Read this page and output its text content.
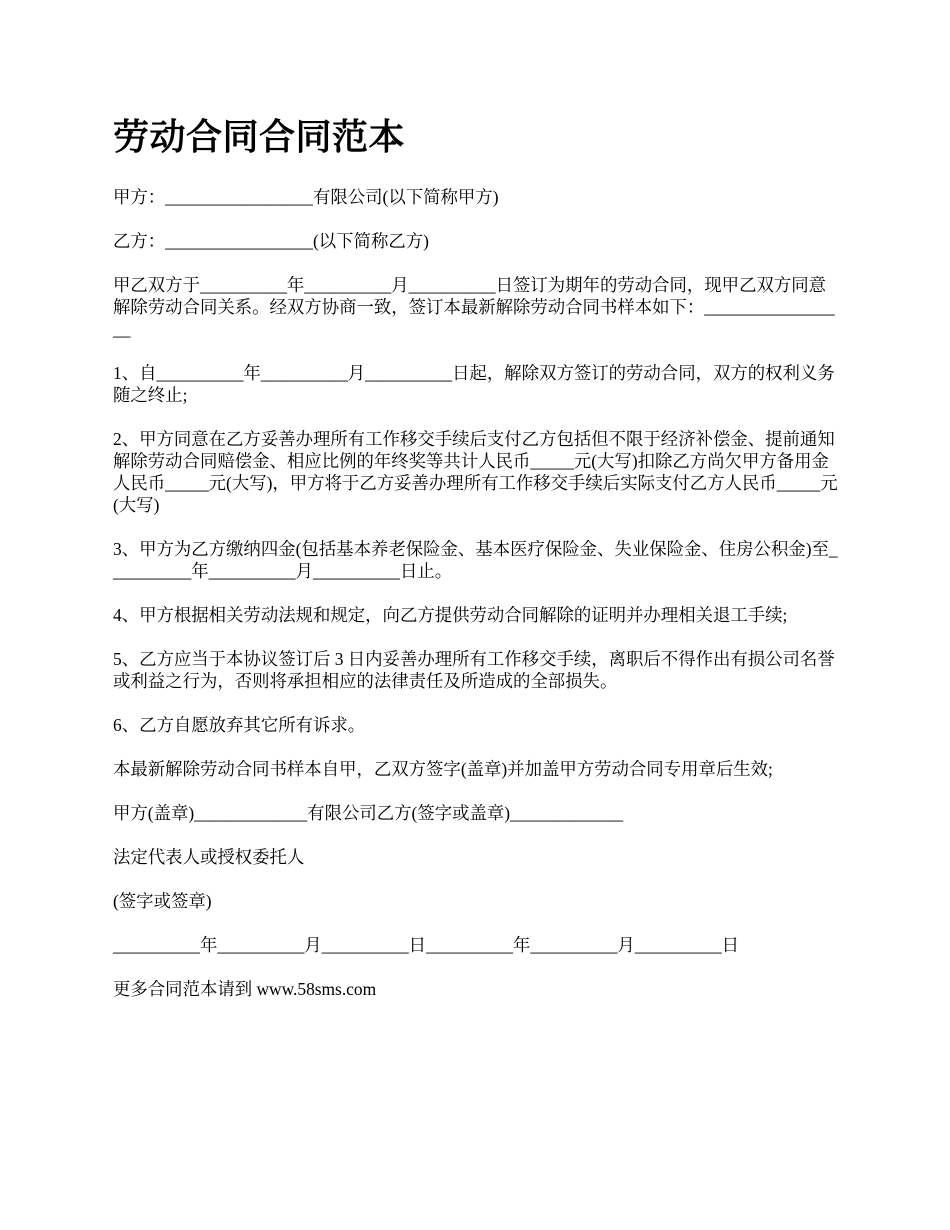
劳动合同合同范本

甲方：_________________有限公司(以下简称甲方)

乙方：_________________(以下简称乙方)

甲乙双方于__________年__________月__________日签订为期年的劳动合同，现甲乙双方同意解除劳动合同关系。经双方协商一致，签订本最新解除劳动合同书样本如下：_________________

1、自__________年__________月__________日起，解除双方签订的劳动合同，双方的权利义务随之终止;

2、甲方同意在乙方妥善办理所有工作移交手续后支付乙方包括但不限于经济补偿金、提前通知解除劳动合同赔偿金、相应比例的年终奖等共计人民币_____元(大写)扣除乙方尚欠甲方备用金人民币_____元(大写)，甲方将于乙方妥善办理所有工作移交手续后实际支付乙方人民币_____元(大写)

3、甲方为乙方缴纳四金(包括基本养老保险金、基本医疗保险金、失业保险金、住房公积金)至__________年__________月__________日止。

4、甲方根据相关劳动法规和规定，向乙方提供劳动合同解除的证明并办理相关退工手续;

5、乙方应当于本协议签订后 3 日内妥善办理所有工作移交手续，离职后不得作出有损公司名誉或利益之行为，否则将承担相应的法律责任及所造成的全部损失。

6、乙方自愿放弃其它所有诉求。

本最新解除劳动合同书样本自甲，乙双方签字(盖章)并加盖甲方劳动合同专用章后生效;

甲方(盖章)_____________有限公司乙方(签字或盖章)_____________

法定代表人或授权委托人

(签字或签章)

__________年__________月__________日__________年__________月__________日

更多合同范本请到 www.58sms.com
